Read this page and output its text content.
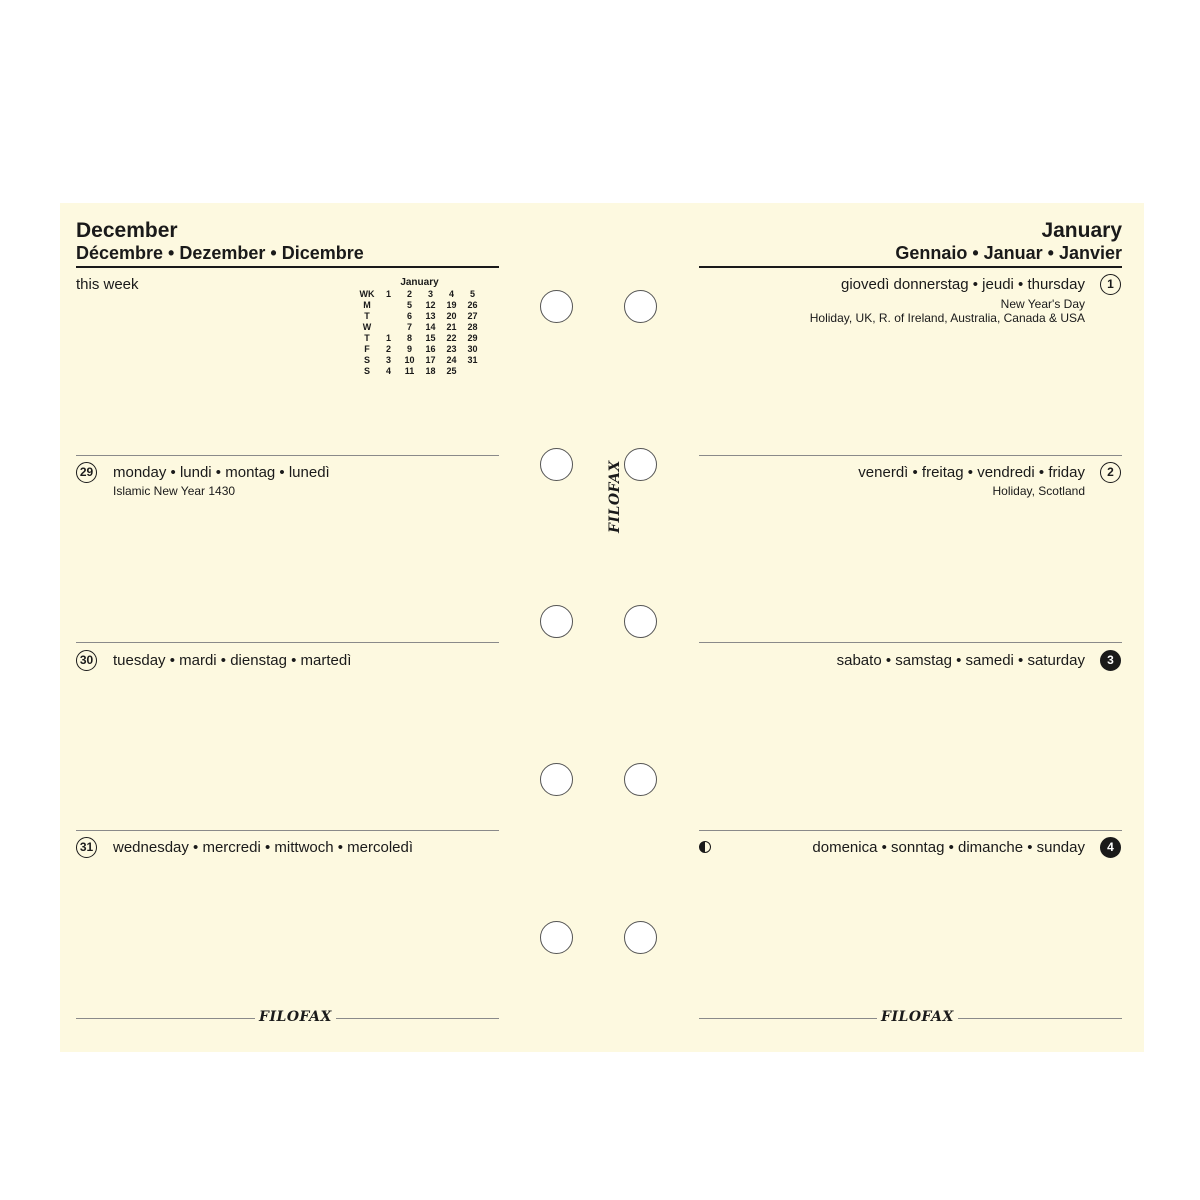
December
Décembre • Dezember • Dicembre
this week	January
WK	1	2	3	4	5
M		5	12	19	26
T		6	13	20	27
W		7	14	21	28
T	1	8	15	22	29
F	2	9	16	23	30
S	3	10	17	24	31
S	4	11	18	25	
29 monday • lundi • montag • lunedì
Islamic New Year 1430
30 tuesday • mardi • dienstag • martedì
31 wednesday • mercredi • mittwoch • mercoledì
FILOFAX
January
Gennaio • Januar • Janvier
1
giovedì donnerstag • jeudi • thursday
New Year's Day
Holiday, UK, R. of Ireland, Australia, Canada & USA
2
venerdì • freitag • vendredi • friday
Holiday, Scotland
3
sabato • samstag • samedi • saturday
4
domenica • sonntag • dimanche • sunday
FILOFAX
FILOFAX
